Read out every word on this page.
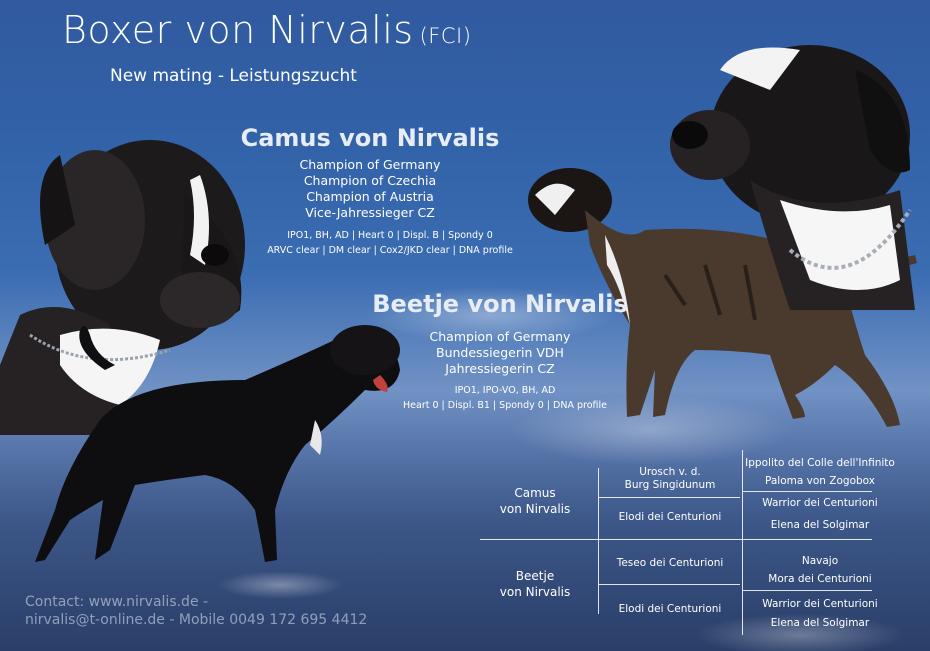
Boxer von Nirvalis (FCI)
New mating - Leistungszucht
Camus von Nirvalis
Champion of Germany
Champion of Czechia
Champion of Austria
Vice-Jahressieger CZ
IPO1, BH, AD | Heart 0 | Displ. B | Spondy 0
ARVC clear | DM clear | Cox2/JKD clear | DNA profile
Beetje von Nirvalis
Champion of Germany
Bundessiegerin VDH
Jahressiegerin CZ
IPO1, IPO-VO, BH, AD
Heart 0 | Displ. B1 | Spondy 0 | DNA profile
Camus
von Nirvalis
Beetje
von Nirvalis
Urosch v. d.
Burg Singidunum
Elodi dei Centurioni
Teseo dei Centurioni
Elodi dei Centurioni
Ippolito del Colle dell'Infinito
Paloma von Zogobox
Warrior dei Centurioni
Elena del Solgimar
Navajo
Mora dei Centurioni
Warrior dei Centurioni
Elena del Solgimar
Contact: www.nirvalis.de -
nirvalis@t-online.de - Mobile 0049 172 695 4412
